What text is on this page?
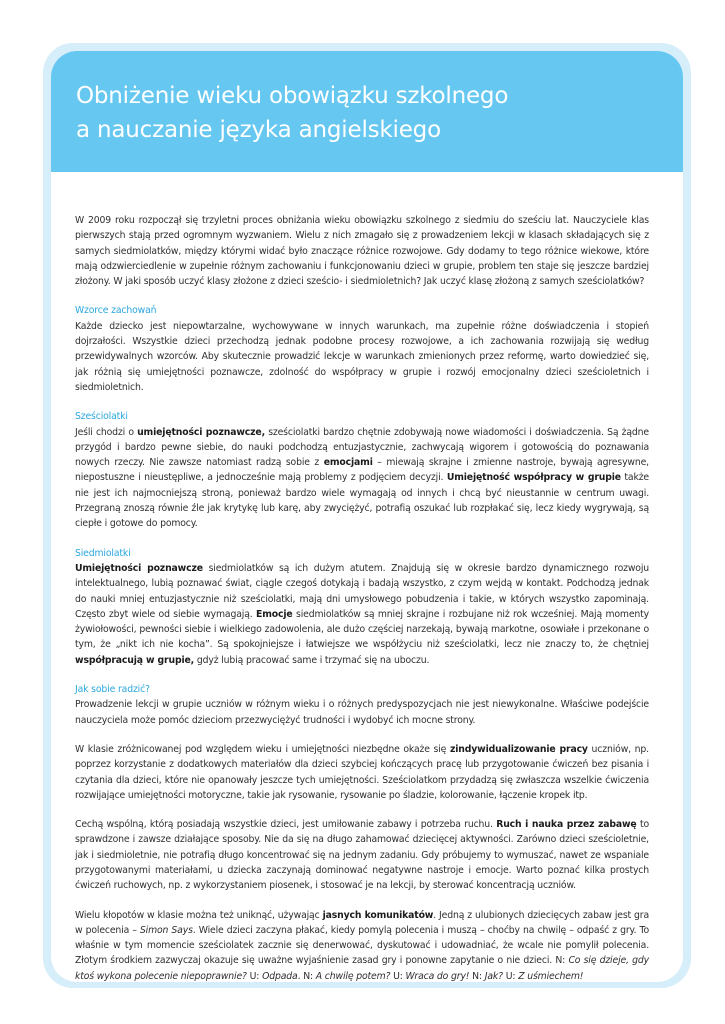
Obniżenie wieku obowiązku szkolnego
a nauczanie języka angielskiego

W 2009 roku rozpoczął się trzyletni proces obniżania wieku obowiązku szkolnego z siedmiu do sześciu lat. Nauczyciele klas pierwszych stają przed ogromnym wyzwaniem. Wielu z nich zmagało się z prowadzeniem lekcji w klasach składających się z samych siedmiolatków, między którymi widać było znaczące różnice rozwojowe. Gdy dodamy to tego różnice wiekowe, które mają odzwierciedlenie w zupełnie różnym zachowaniu i funkcjonowaniu dzieci w grupie, problem ten staje się jeszcze bardziej złożony. W jaki sposób uczyć klasy złożone z dzieci sześcio- i siedmioletnich? Jak uczyć klasę złożoną z samych sześciolatków?

Wzorce zachowań

Każde dziecko jest niepowtarzalne, wychowywane w innych warunkach, ma zupełnie różne doświadczenia i stopień dojrzałości. Wszystkie dzieci przechodzą jednak podobne procesy rozwojowe, a ich zachowania rozwijają się według przewidywalnych wzorców. Aby skutecznie prowadzić lekcje w warunkach zmienionych przez reformę, warto dowiedzieć się, jak różnią się umiejętności poznawcze, zdolność do współpracy w grupie i rozwój emocjonalny dzieci sześcioletnich i siedmioletnich.

Sześciolatki

Jeśli chodzi o umiejętności poznawcze, sześciolatki bardzo chętnie zdobywają nowe wiadomości i doświadczenia. Są żądne przygód i bardzo pewne siebie, do nauki podchodzą entuzjastycznie, zachwycają wigorem i gotowością do poznawania nowych rzeczy. Nie zawsze natomiast radzą sobie z emocjami – miewają skrajne i zmienne nastroje, bywają agresywne, niepostuszne i nieustępliwe, a jednocześnie mają problemy z podjęciem decyzji. Umiejętność współpracy w grupie także nie jest ich najmocniejszą stroną, ponieważ bardzo wiele wymagają od innych i chcą być nieustannie w centrum uwagi. Przegraną znoszą równie źle jak krytykę lub karę, aby zwyciężyć, potrafią oszukać lub rozpłakać się, lecz kiedy wygrywają, są ciepłe i gotowe do pomocy.

Siedmiolatki

Umiejętności poznawcze siedmiolatków są ich dużym atutem. Znajdują się w okresie bardzo dynamicznego rozwoju intelektualnego, lubią poznawać świat, ciągle czegoś dotykają i badają wszystko, z czym wejdą w kontakt. Podchodzą jednak do nauki mniej entuzjastycznie niż sześciolatki, mają dni umysłowego pobudzenia i takie, w których wszystko zapominają. Często zbyt wiele od siebie wymagają. Emocje siedmiolatków są mniej skrajne i rozbujane niż rok wcześniej. Mają momenty żywiołowości, pewności siebie i wielkiego zadowolenia, ale dużo częściej narzekają, bywają markotne, osowiałe i przekonane o tym, że „nikt ich nie kocha”. Są spokojniejsze i łatwiejsze we współżyciu niż sześciolatki, lecz nie znaczy to, że chętniej współpracują w grupie, gdyż lubią pracować same i trzymać się na uboczu.

Jak sobie radzić?

Prowadzenie lekcji w grupie uczniów w różnym wieku i o różnych predyspozycjach nie jest niewykonalne. Właściwe podejście nauczyciela może pomóc dzieciom przezwyciężyć trudności i wydobyć ich mocne strony.

W klasie zróżnicowanej pod względem wieku i umiejętności niezbędne okaże się zindywidualizowanie pracy uczniów, np. poprzez korzystanie z dodatkowych materiałów dla dzieci szybciej kończących pracę lub przygotowanie ćwiczeń bez pisania i czytania dla dzieci, które nie opanowały jeszcze tych umiejętności. Sześciolatkom przydadzą się zwłaszcza wszelkie ćwiczenia rozwijające umiejętności motoryczne, takie jak rysowanie, rysowanie po śladzie, kolorowanie, łączenie kropek itp.

Cechą wspólną, którą posiadają wszystkie dzieci, jest umiłowanie zabawy i potrzeba ruchu. Ruch i nauka przez zabawę to sprawdzone i zawsze działające sposoby. Nie da się na długo zahamować dziecięcej aktywności. Zarówno dzieci sześcioletnie, jak i siedmioletnie, nie potrafią długo koncentrować się na jednym zadaniu. Gdy próbujemy to wymuszać, nawet ze wspaniale przygotowanymi materiałami, u dziecka zaczynają dominować negatywne nastroje i emocje. Warto poznać kilka prostych ćwiczeń ruchowych, np. z wykorzystaniem piosenek, i stosować je na lekcji, by sterować koncentracją uczniów.

Wielu kłopotów w klasie można też uniknąć, używając jasnych komunikatów. Jedną z ulubionych dziecięcych zabaw jest gra w polecenia – Simon Says. Wiele dzieci zaczyna płakać, kiedy pomylą polecenia i muszą – choćby na chwilę – odpaść z gry. To właśnie w tym momencie sześciolatek zacznie się denerwować, dyskutować i udowadniać, że wcale nie pomylił polecenia. Złotym środkiem zazwyczaj okazuje się uważne wyjaśnienie zasad gry i ponowne zapytanie o nie dzieci. N: Co się dzieje, gdy ktoś wykona polecenie niepoprawnie? U: Odpada. N: A chwilę potem? U: Wraca do gry! N: Jak? U: Z uśmiechem!
